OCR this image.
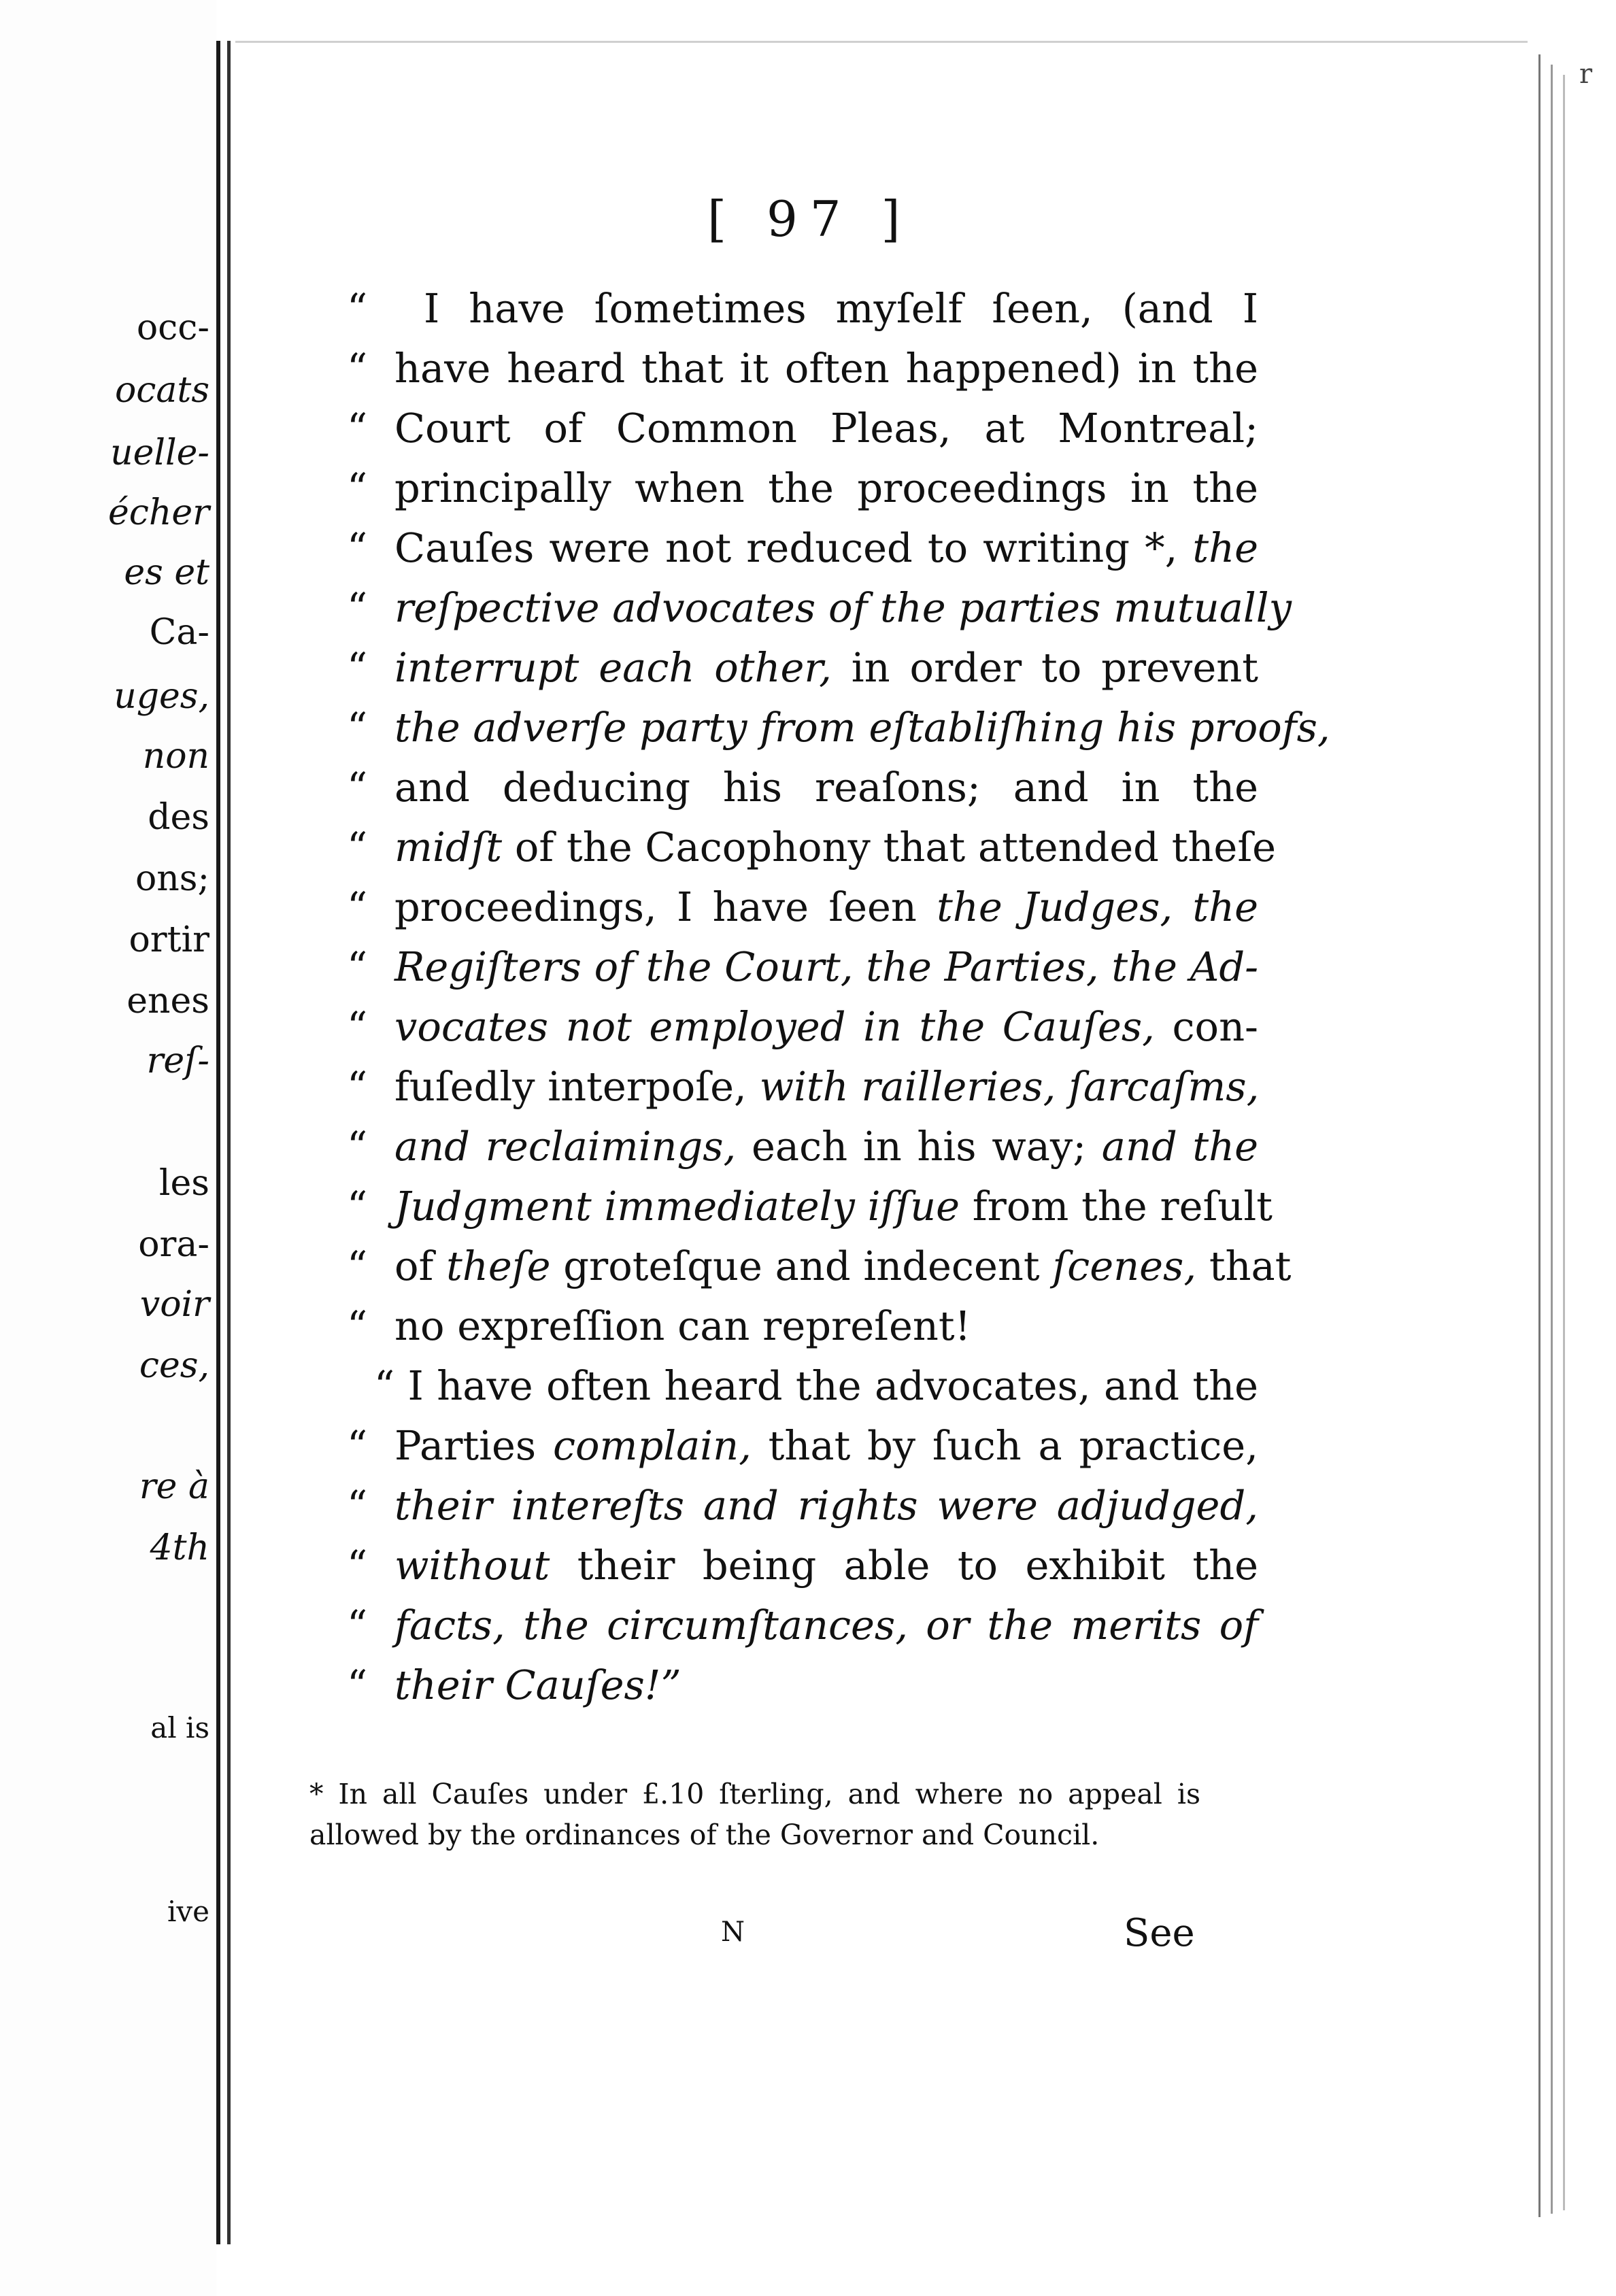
ocс-

ocats

uelle-

écher

es et

Ca-

uges,

non

des

ons;

ortir

enes

reſ-

les

ora-

voir

ces,

re à

4th

al is

ive

r

[ 97 ]

“ I have ſometimes myſelf ſeen, (and I
“ have heard that it often happened) in the
“ Court of Common Pleas, at Montreal;
“ principally when the proceedings in the
“ Cauſes were not reduced to writing *, the
“ reſpective advocates of the parties mutually
“ interrupt each other, in order to prevent
“ the adverſe party from eſtabliſhing his proofs,
“ and deducing his reaſons; and in the
“ midſt of the Cacophony that attended theſe
“ proceedings, I have ſeen the Judges, the
“ Regiſters of the Court, the Parties, the Ad-
“ vocates not employed in the Cauſes, con-
“ fuſedly interpoſe, with railleries, ſarcaſms,
“ and reclaimings, each in his way; and the
“ Judgment immediately iſſue from the reſult
“ of theſe groteſque and indecent ſcenes, that
“ no expreſſion can repreſent!
“ I have often heard the advocates, and the
“ Parties complain, that by ſuch a practice,
“ their intereſts and rights were adjudged,
“ without their being able to exhibit the
“ facts, the circumſtances, or the merits of
“ their Cauſes!”
* In all Cauſes under £.10 ſterling, and where no appeal is
allowed by the ordinances of the Governor and Council.

N	See
